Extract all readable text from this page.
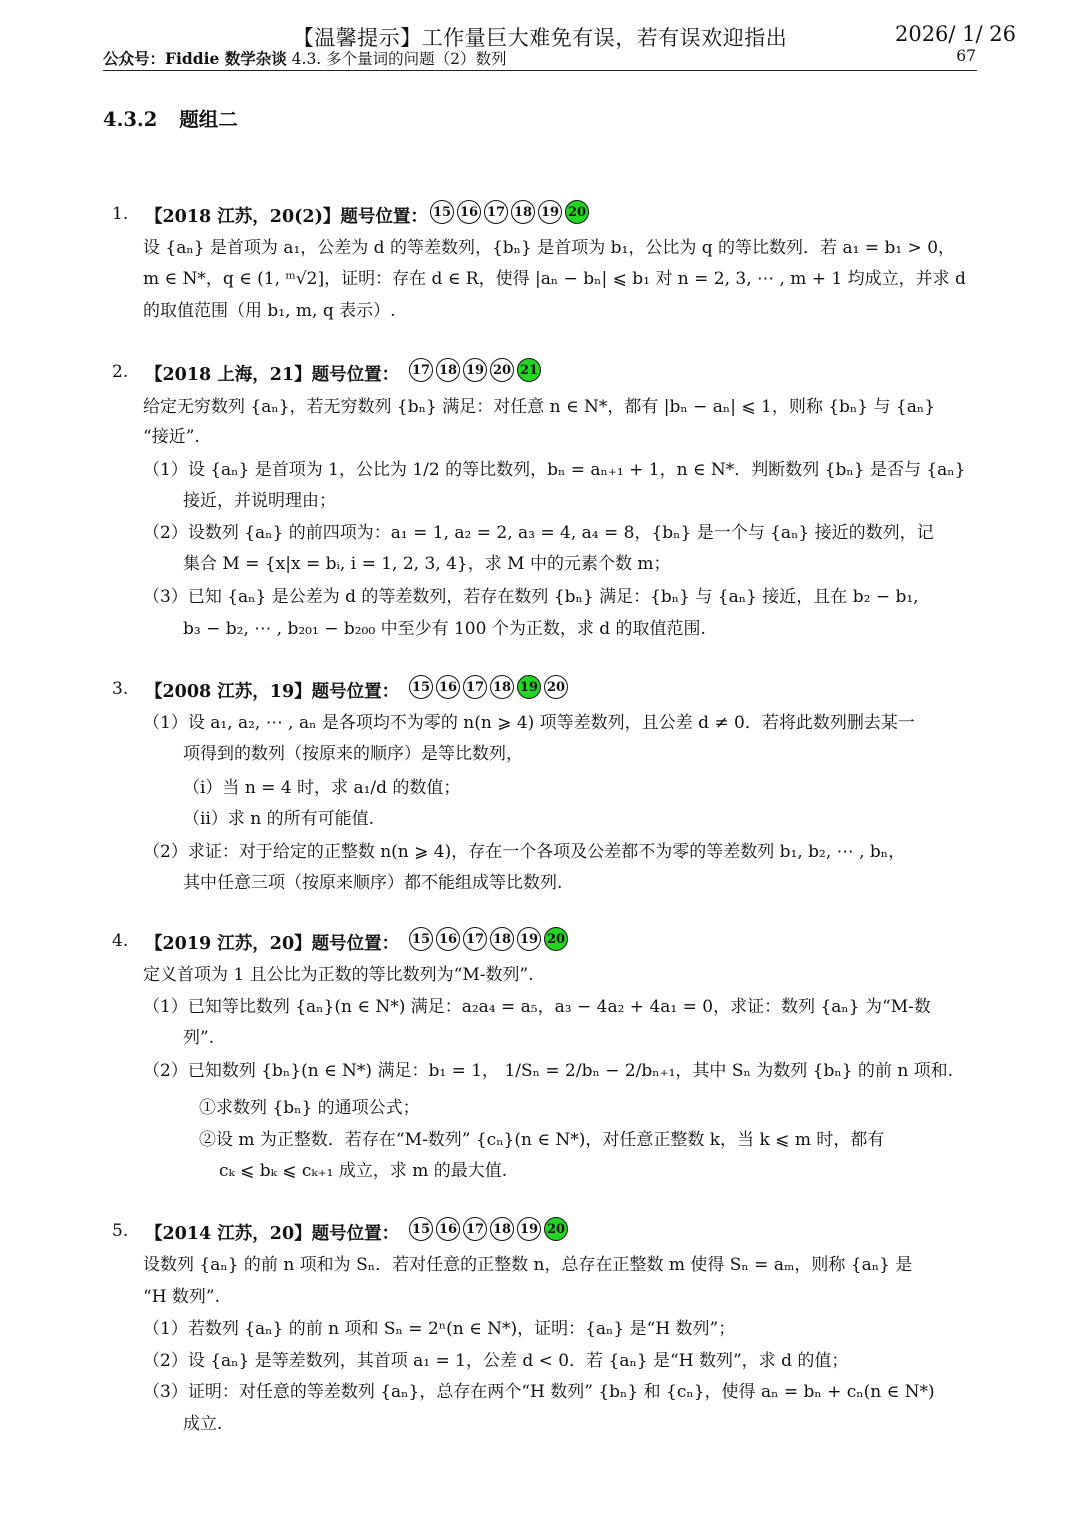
【温馨提示】工作量巨大难免有误，若有误欢迎指出	2026/ 1/ 26
公众号：Fiddie 数学杂谈 4.3. 多个量词的问题（2）数列	67
4.3.2 题组二
1. 【2018 江苏，20(2)】题号位置： 15 16 17 18 19 20
设 {aₙ} 是首项为 a₁，公差为 d 的等差数列，{bₙ} 是首项为 b₁，公比为 q 的等比数列．若 a₁ = b₁ > 0，
m ∈ N*，q ∈ (1, ᵐ√2]，证明：存在 d ∈ R，使得 |aₙ − bₙ| ⩽ b₁ 对 n = 2, 3, ⋯ , m + 1 均成立，并求 d
的取值范围（用 b₁, m, q 表示）.
2. 【2018 上海，21】题号位置： 17 18 19 20 21
给定无穷数列 {aₙ}，若无穷数列 {bₙ} 满足：对任意 n ∈ N*，都有 |bₙ − aₙ| ⩽ 1，则称 {bₙ} 与 {aₙ}
“接近”.
（1）设 {aₙ} 是首项为 1，公比为 1/2 的等比数列，bₙ = aₙ₊₁ + 1，n ∈ N*．判断数列 {bₙ} 是否与 {aₙ}
接近，并说明理由；
（2）设数列 {aₙ} 的前四项为：a₁ = 1, a₂ = 2, a₃ = 4, a₄ = 8，{bₙ} 是一个与 {aₙ} 接近的数列，记
集合 M = {x|x = bᵢ, i = 1, 2, 3, 4}，求 M 中的元素个数 m；
（3）已知 {aₙ} 是公差为 d 的等差数列，若存在数列 {bₙ} 满足：{bₙ} 与 {aₙ} 接近，且在 b₂ − b₁,
b₃ − b₂, ⋯ , b₂₀₁ − b₂₀₀ 中至少有 100 个为正数，求 d 的取值范围.
3. 【2008 江苏，19】题号位置： 15 16 17 18 19 20
（1）设 a₁, a₂, ⋯ , aₙ 是各项均不为零的 n(n ⩾ 4) 项等差数列，且公差 d ≠ 0．若将此数列删去某一
项得到的数列（按原来的顺序）是等比数列，
（ⅰ）当 n = 4 时，求 a₁/d 的数值；
（ⅱ）求 n 的所有可能值.
（2）求证：对于给定的正整数 n(n ⩾ 4)，存在一个各项及公差都不为零的等差数列 b₁, b₂, ⋯ , bₙ，
其中任意三项（按原来顺序）都不能组成等比数列.
4. 【2019 江苏，20】题号位置： 15 16 17 18 19 20
定义首项为 1 且公比为正数的等比数列为“M-数列”.
（1）已知等比数列 {aₙ}(n ∈ N*) 满足：a₂a₄ = a₅，a₃ − 4a₂ + 4a₁ = 0，求证：数列 {aₙ} 为“M-数
列”.
（2）已知数列 {bₙ}(n ∈ N*) 满足：b₁ = 1， 1/Sₙ = 2/bₙ − 2/bₙ₊₁，其中 Sₙ 为数列 {bₙ} 的前 n 项和.
①求数列 {bₙ} 的通项公式；
②设 m 为正整数．若存在“M-数列” {cₙ}(n ∈ N*)，对任意正整数 k，当 k ⩽ m 时，都有
cₖ ⩽ bₖ ⩽ cₖ₊₁ 成立，求 m 的最大值.
5. 【2014 江苏，20】题号位置： 15 16 17 18 19 20
设数列 {aₙ} 的前 n 项和为 Sₙ．若对任意的正整数 n，总存在正整数 m 使得 Sₙ = aₘ，则称 {aₙ} 是
“H 数列”.
（1）若数列 {aₙ} 的前 n 项和 Sₙ = 2ⁿ(n ∈ N*)，证明：{aₙ} 是“H 数列”；
（2）设 {aₙ} 是等差数列，其首项 a₁ = 1，公差 d < 0．若 {aₙ} 是“H 数列”，求 d 的值；
（3）证明：对任意的等差数列 {aₙ}，总存在两个“H 数列” {bₙ} 和 {cₙ}，使得 aₙ = bₙ + cₙ(n ∈ N*)
成立.
